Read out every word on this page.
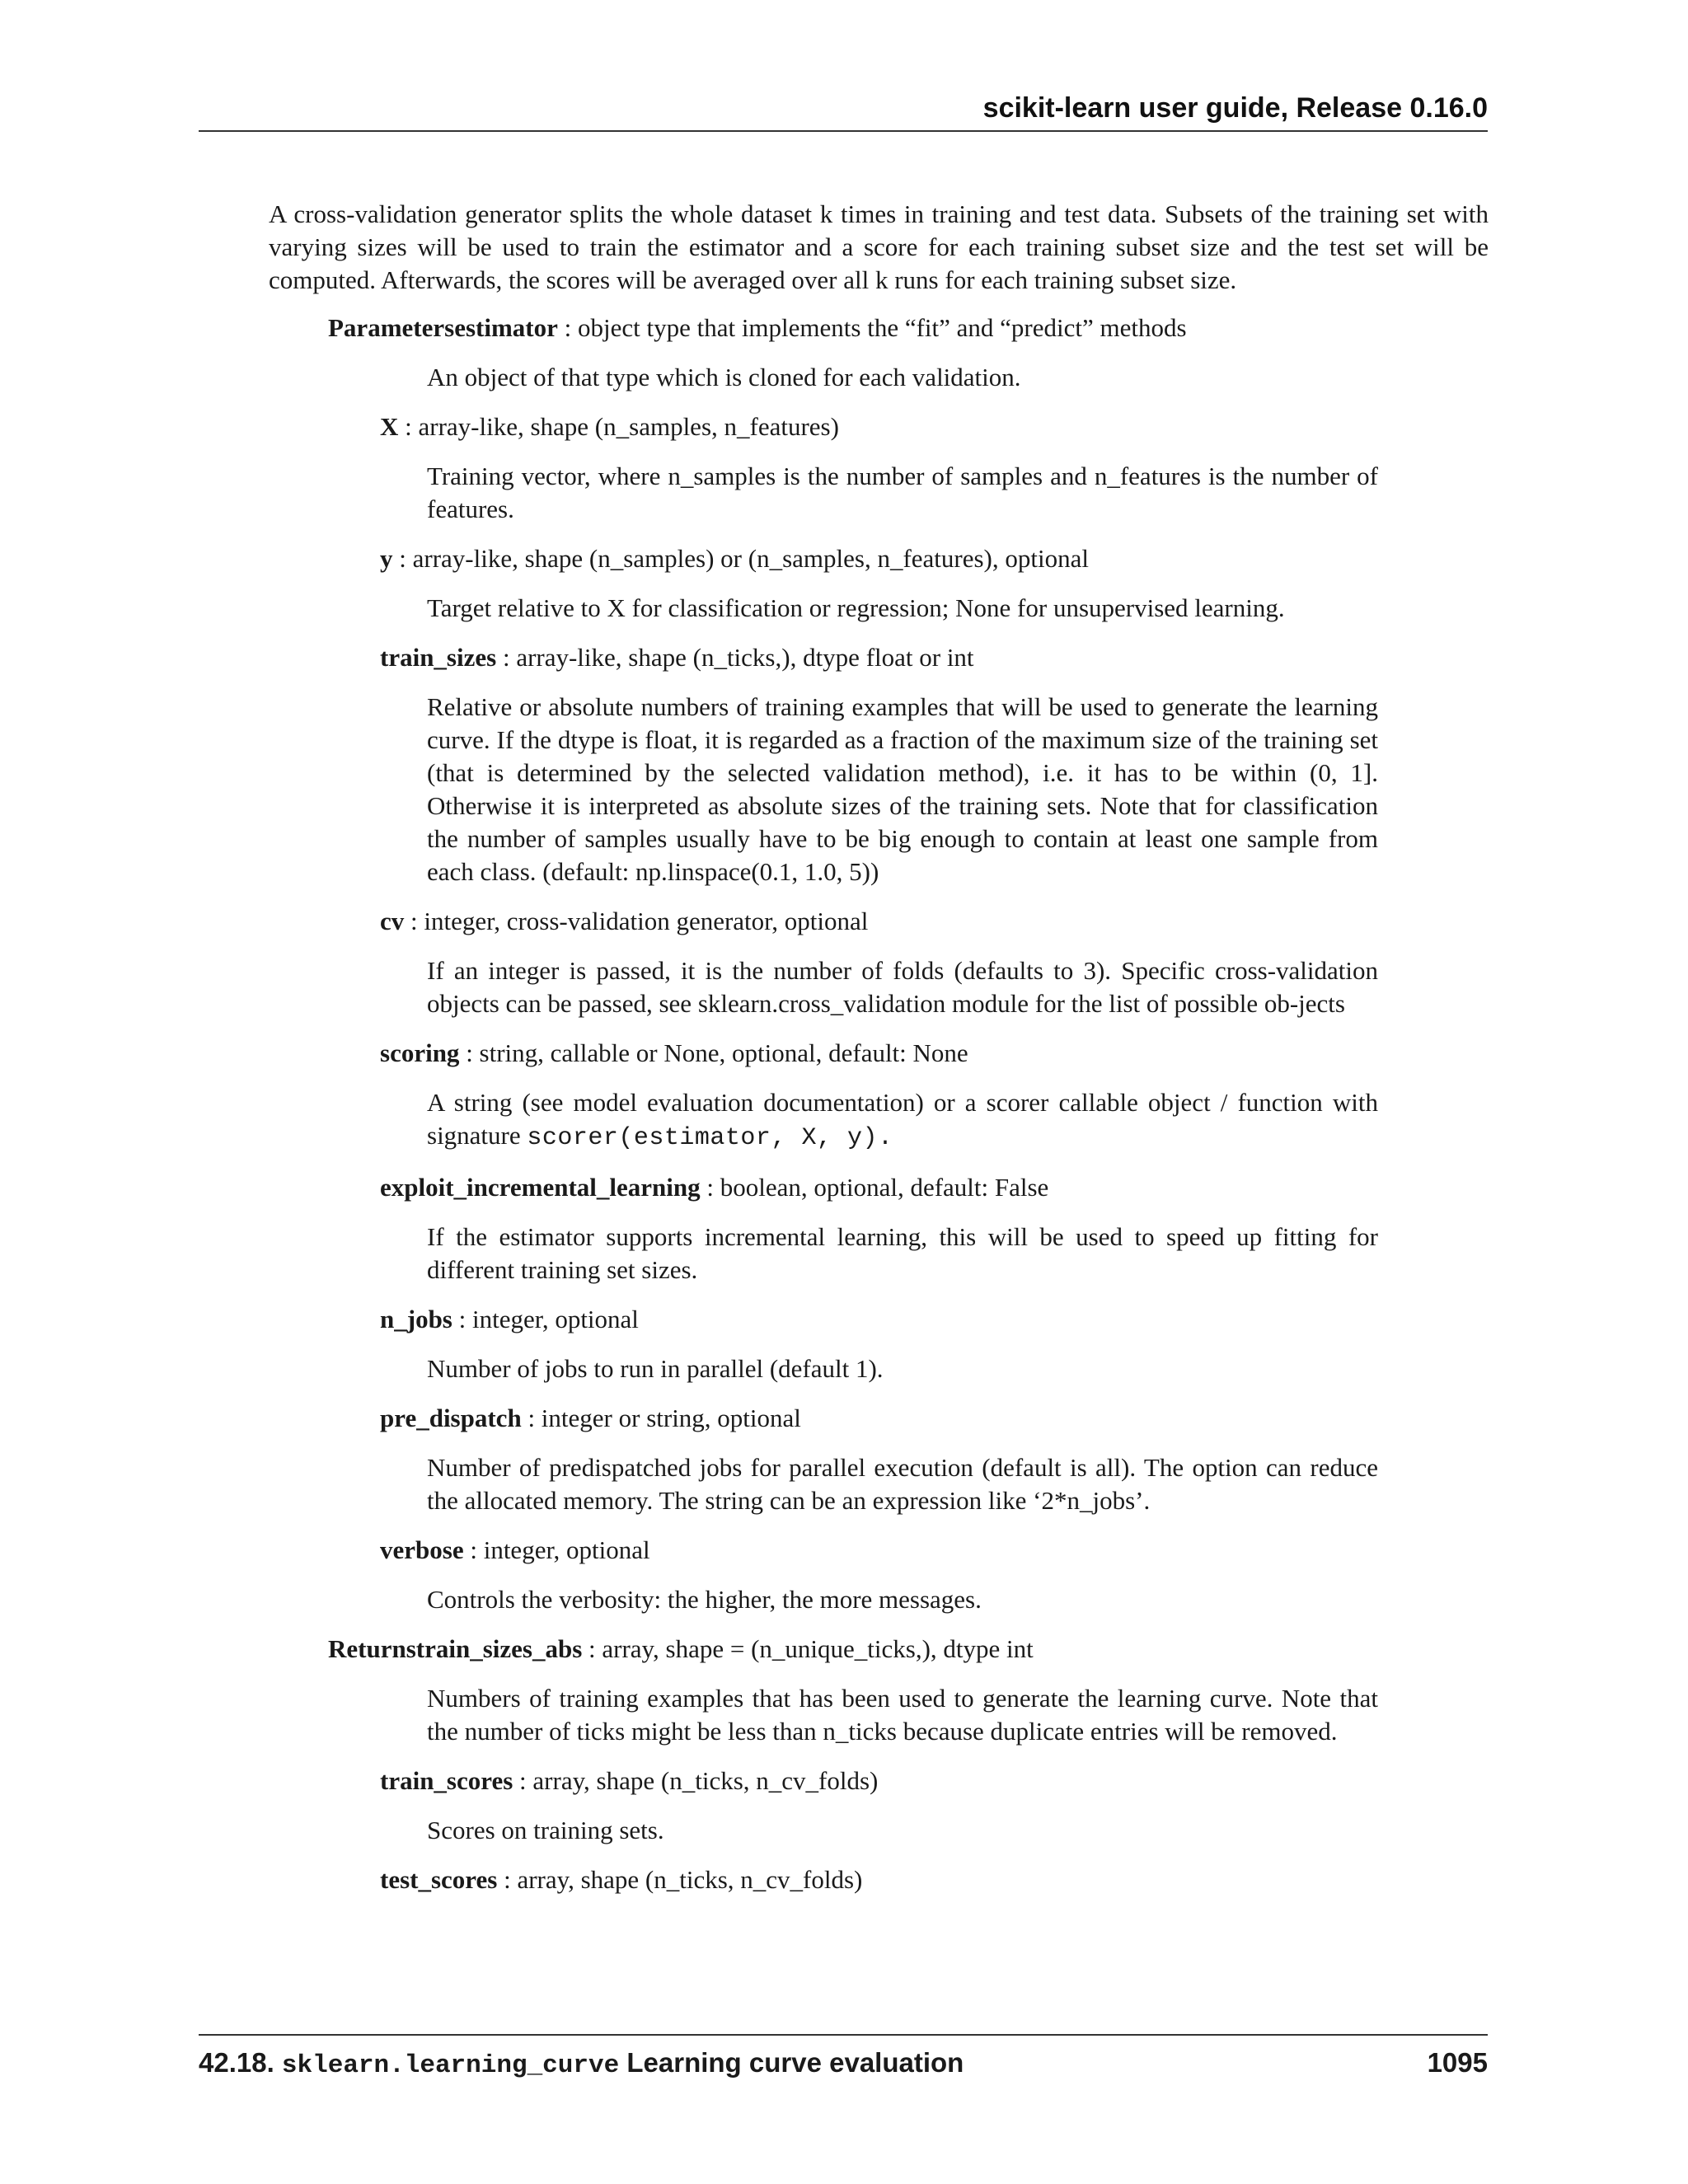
scikit-learn user guide, Release 0.16.0

A cross-validation generator splits the whole dataset k times in training and test data. Subsets of the training set with varying sizes will be used to train the estimator and a score for each training subset size and the test set will be computed. Afterwards, the scores will be averaged over all k runs for each training subset size.

Parametersestimator : object type that implements the “fit” and “predict” methods
An object of that type which is cloned for each validation.
X : array-like, shape (n_samples, n_features)
Training vector, where n_samples is the number of samples and n_features is the number of features.
y : array-like, shape (n_samples) or (n_samples, n_features), optional
Target relative to X for classification or regression; None for unsupervised learning.
train_sizes : array-like, shape (n_ticks,), dtype float or int
Relative or absolute numbers of training examples that will be used to generate the learning curve. If the dtype is float, it is regarded as a fraction of the maximum size of the training set (that is determined by the selected validation method), i.e. it has to be within (0, 1]. Otherwise it is interpreted as absolute sizes of the training sets. Note that for classification the number of samples usually have to be big enough to contain at least one sample from each class. (default: np.linspace(0.1, 1.0, 5))
cv : integer, cross-validation generator, optional
If an integer is passed, it is the number of folds (defaults to 3). Specific cross-validation objects can be passed, see sklearn.cross_validation module for the list of possible ob-jects
scoring : string, callable or None, optional, default: None
A string (see model evaluation documentation) or a scorer callable object / function with signature scorer(estimator, X, y).
exploit_incremental_learning : boolean, optional, default: False
If the estimator supports incremental learning, this will be used to speed up fitting for different training set sizes.
n_jobs : integer, optional
Number of jobs to run in parallel (default 1).
pre_dispatch : integer or string, optional
Number of predispatched jobs for parallel execution (default is all). The option can reduce the allocated memory. The string can be an expression like ‘2*n_jobs’.
verbose : integer, optional
Controls the verbosity: the higher, the more messages.
Returnstrain_sizes_abs : array, shape = (n_unique_ticks,), dtype int
Numbers of training examples that has been used to generate the learning curve. Note that the number of ticks might be less than n_ticks because duplicate entries will be removed.
train_scores : array, shape (n_ticks, n_cv_folds)
Scores on training sets.
test_scores : array, shape (n_ticks, n_cv_folds)
42.18. sklearn.learning_curve Learning curve evaluation	1095
